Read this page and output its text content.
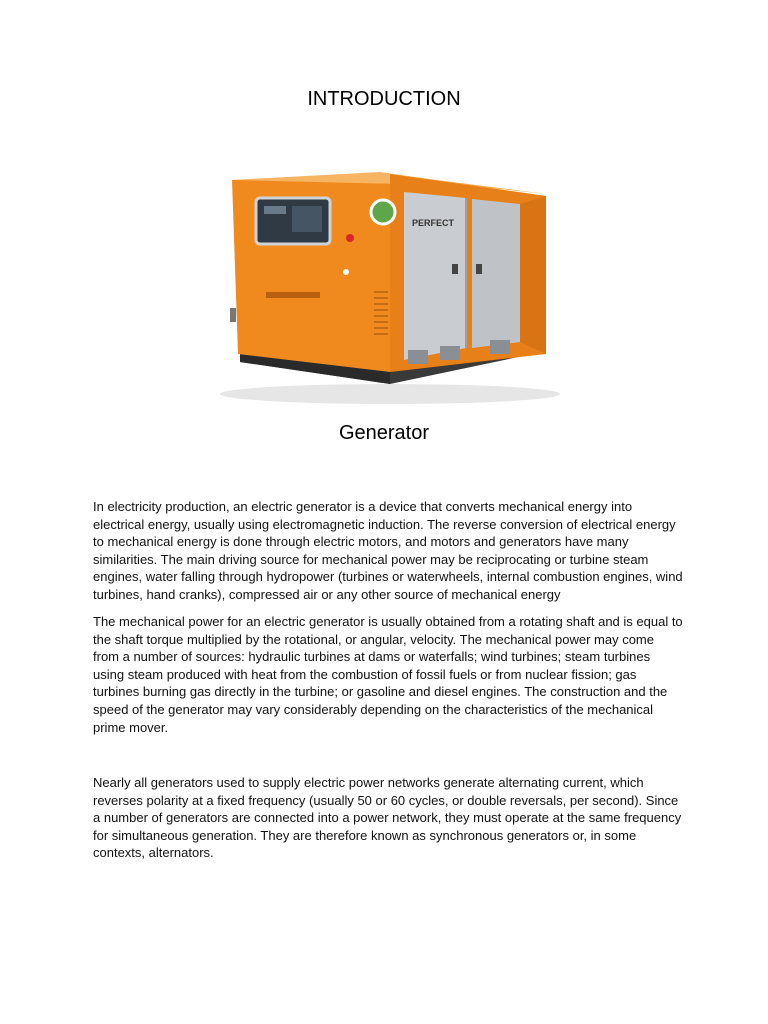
INTRODUCTION
PERFECT
Generator

In electricity production, an electric generator is a device that converts mechanical energy into electrical energy, usually using electromagnetic induction. The reverse conversion of electrical energy to mechanical energy is done through electric motors, and motors and generators have many similarities. The main driving source for mechanical power may be reciprocating or turbine steam engines, water falling through hydropower (turbines or waterwheels, internal combustion engines, wind turbines, hand cranks), compressed air or any other source of mechanical energy

The mechanical power for an electric generator is usually obtained from a rotating shaft and is equal to the shaft torque multiplied by the rotational, or angular, velocity. The mechanical power may come from a number of sources: hydraulic turbines at dams or waterfalls; wind turbines; steam turbines using steam produced with heat from the combustion of fossil fuels or from nuclear fission; gas turbines burning gas directly in the turbine; or gasoline and diesel engines. The construction and the speed of the generator may vary considerably depending on the characteristics of the mechanical prime mover.

Nearly all generators used to supply electric power networks generate alternating current, which reverses polarity at a fixed frequency (usually 50 or 60 cycles, or double reversals, per second). Since a number of generators are connected into a power network, they must operate at the same frequency for simultaneous generation. They are therefore known as synchronous generators or, in some contexts, alternators.
